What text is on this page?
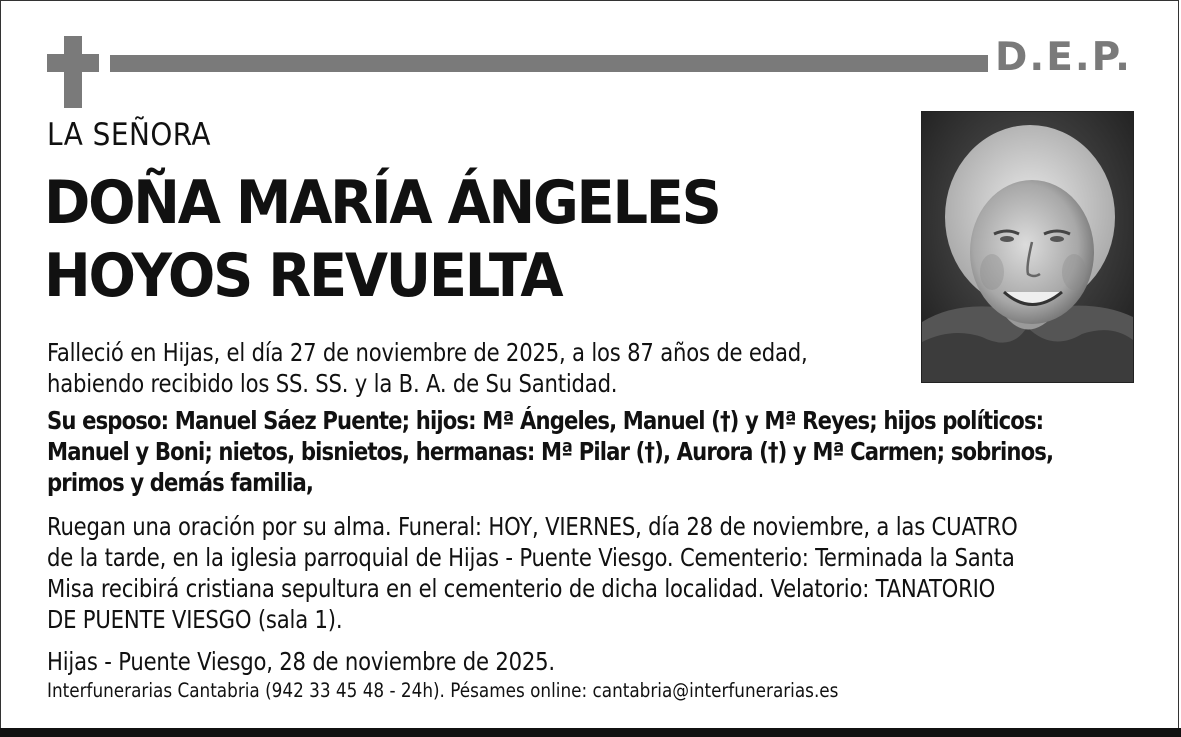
D.E.P.
LA SEÑORA
DOÑA MARÍA ÁNGELES
HOYOS REVUELTA
Falleció en Hijas, el día 27 de noviembre de 2025, a los 87 años de edad,
habiendo recibido los SS. SS. y la B. A. de Su Santidad.
Su esposo: Manuel Sáez Puente; hijos: Mª Ángeles, Manuel (†) y Mª Reyes; hijos políticos:
Manuel y Boni; nietos, bisnietos, hermanas: Mª Pilar (†), Aurora (†) y Mª Carmen; sobrinos,
primos y demás familia,
Ruegan una oración por su alma. Funeral: HOY, VIERNES, día 28 de noviembre, a las CUATRO
de la tarde, en la iglesia parroquial de Hijas - Puente Viesgo. Cementerio: Terminada la Santa
Misa recibirá cristiana sepultura en el cementerio de dicha localidad. Velatorio: TANATORIO
DE PUENTE VIESGO (sala 1).
Hijas - Puente Viesgo, 28 de noviembre de 2025.
Interfunerarias Cantabria (942 33 45 48 - 24h). Pésames online: cantabria@interfunerarias.es
